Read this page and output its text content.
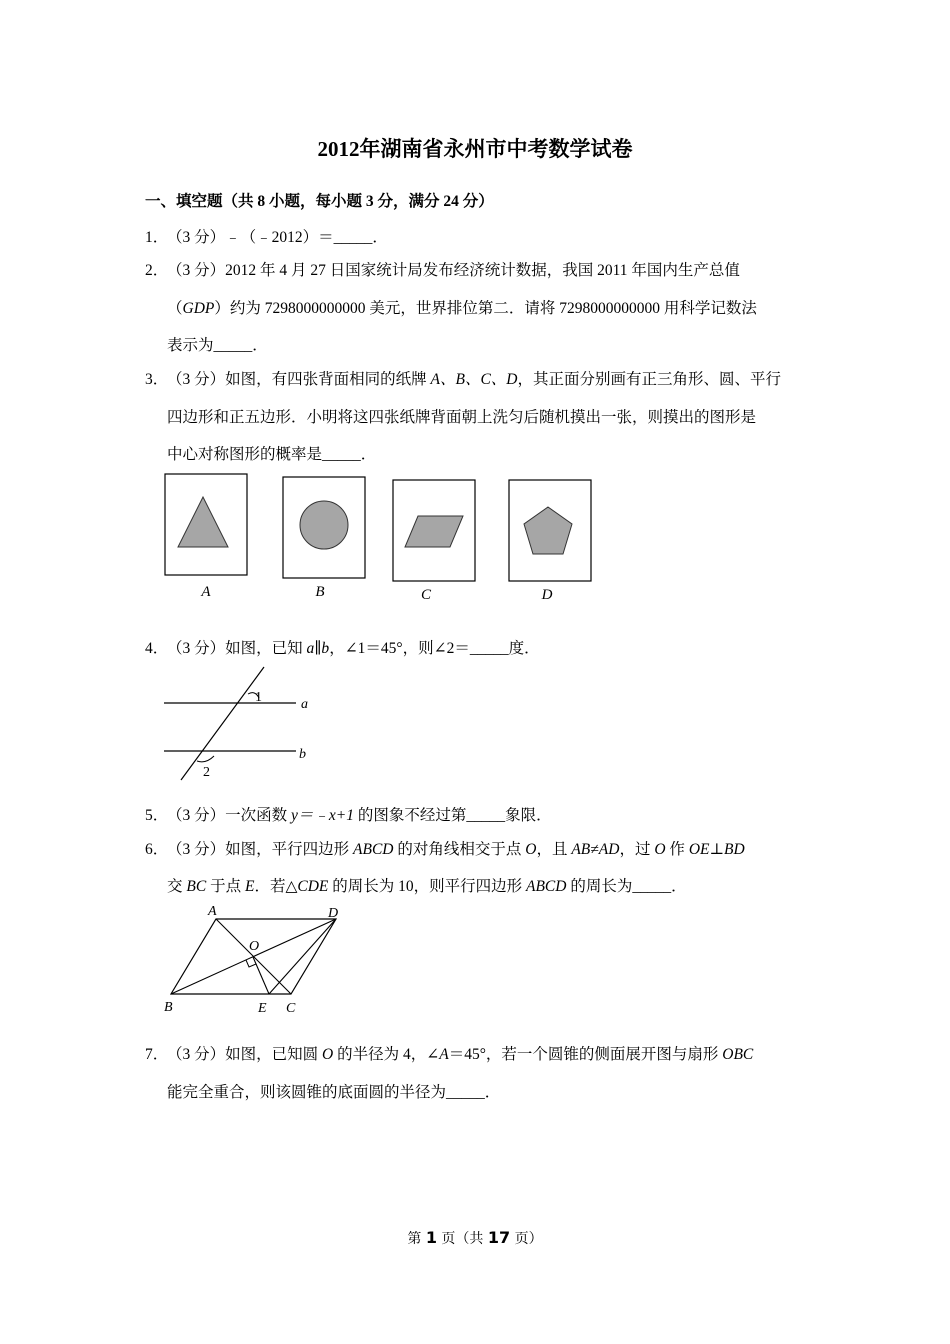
2012年湖南省永州市中考数学试卷
一、填空题（共 8 小题，每小题 3 分，满分 24 分）
1．（3 分）﹣（﹣2012）＝_____．
2．（3 分）2012 年 4 月 27 日国家统计局发布经济统计数据，我国 2011 年国内生产总值
（GDP）约为 7298000000000 美元，世界排位第二．请将 7298000000000 用科学记数法
表示为_____．
3．（3 分）如图，有四张背面相同的纸牌 A、B、C、D，其正面分别画有正三角形、圆、平行
四边形和正五边形．小明将这四张纸牌背面朝上洗匀后随机摸出一张，则摸出的图形是
中心对称图形的概率是_____．
A	B	C	D
4．（3 分）如图，已知 a∥b，∠1＝45°，则∠2＝_____度．
1
2
a
b
5．（3 分）一次函数 y＝﹣x+1 的图象不经过第_____象限．
6．（3 分）如图，平行四边形 ABCD 的对角线相交于点 O，且 AB≠AD，过 O 作 OE⊥BD
交 BC 于点 E．若△CDE 的周长为 10，则平行四边形 ABCD 的周长为_____．
A	D
O
B	E C
7．（3 分）如图，已知圆 O 的半径为 4，∠A＝45°，若一个圆锥的侧面展开图与扇形 OBC
能完全重合，则该圆锥的底面圆的半径为_____．
第 1 页（共 17 页）
